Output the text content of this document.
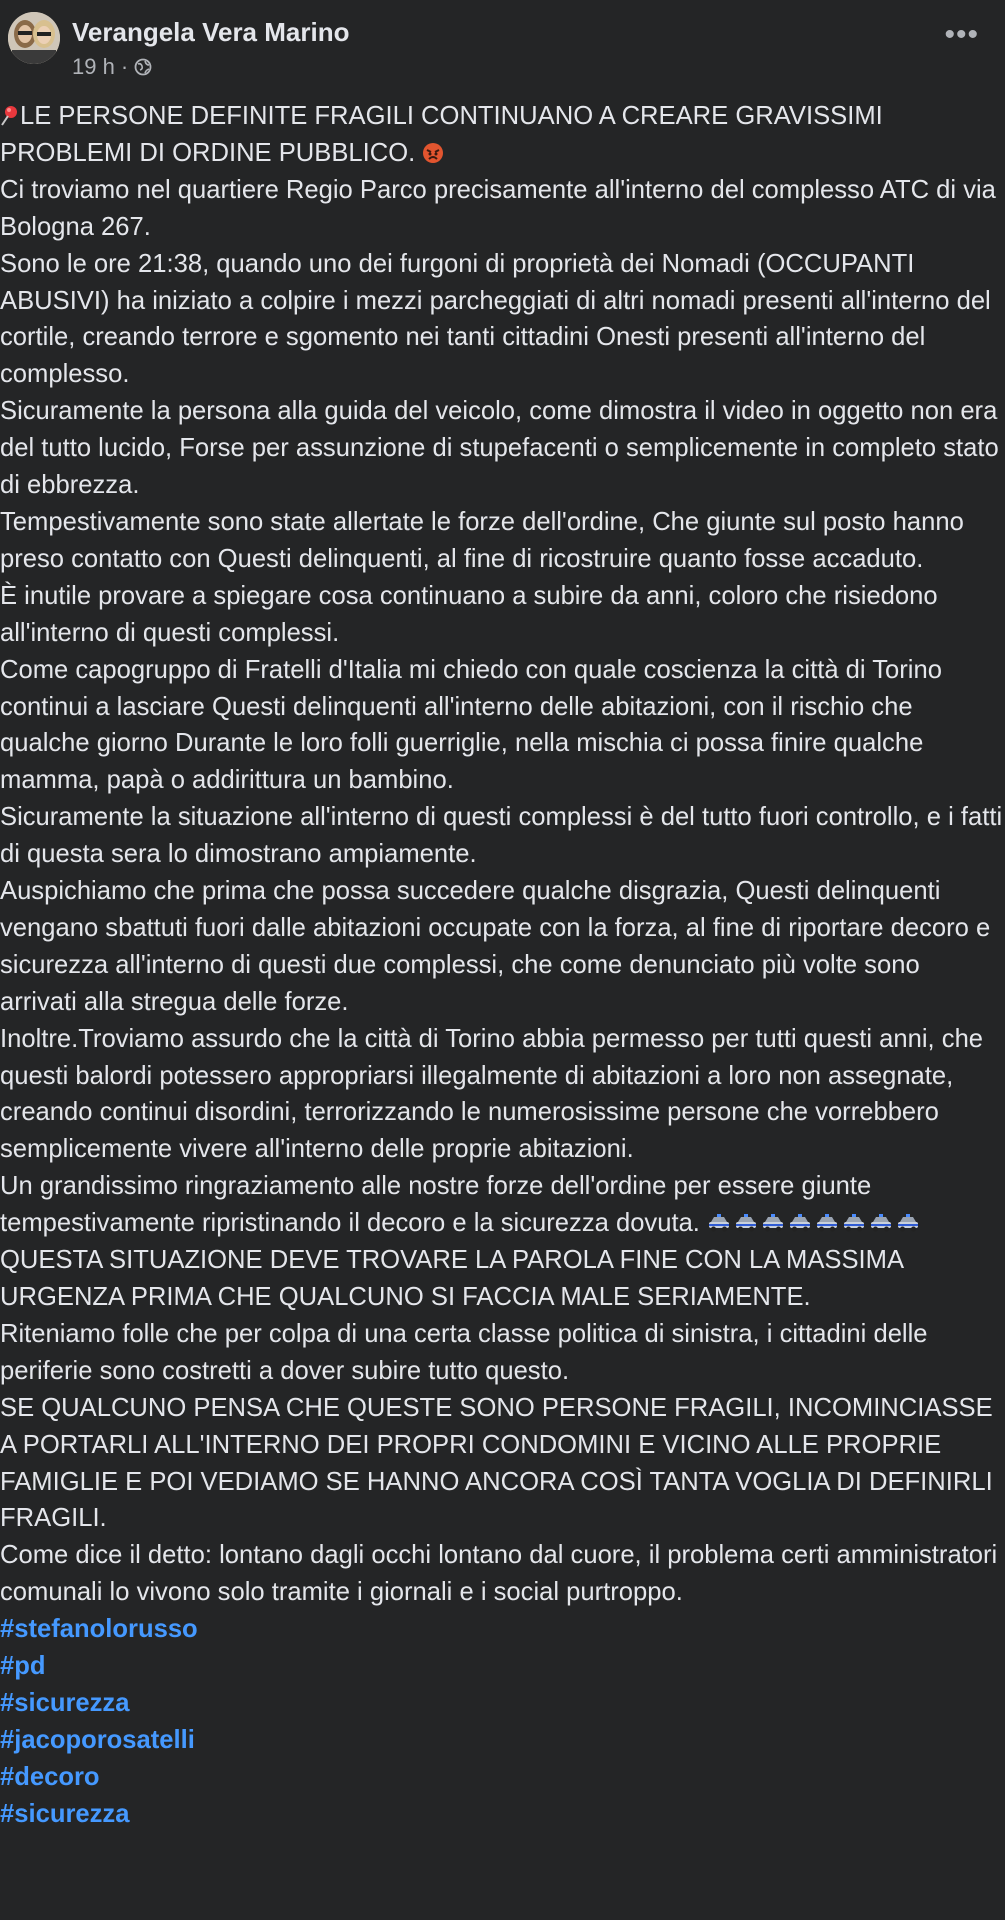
Verangela Vera Marino
19 h ·
•••

LE PERSONE DEFINITE FRAGILI CONTINUANO A CREARE GRAVISSIMI PROBLEMI DI ORDINE PUBBLICO.

Ci troviamo nel quartiere Regio Parco precisamente all'interno del complesso ATC di via Bologna 267.

Sono le ore 21:38, quando uno dei furgoni di proprietà dei Nomadi (OCCUPANTI ABUSIVI) ha iniziato a colpire i mezzi parcheggiati di altri nomadi presenti all'interno del cortile, creando terrore e sgomento nei tanti cittadini Onesti presenti all'interno del complesso.

Sicuramente la persona alla guida del veicolo, come dimostra il video in oggetto non era del tutto lucido, Forse per assunzione di stupefacenti o semplicemente in completo stato di ebbrezza.

Tempestivamente sono state allertate le forze dell'ordine, Che giunte sul posto hanno preso contatto con Questi delinquenti, al fine di ricostruire quanto fosse accaduto.

È inutile provare a spiegare cosa continuano a subire da anni, coloro che risiedono all'interno di questi complessi.

Come capogruppo di Fratelli d'Italia mi chiedo con quale coscienza la città di Torino continui a lasciare Questi delinquenti all'interno delle abitazioni, con il rischio che qualche giorno Durante le loro folli guerriglie, nella mischia ci possa finire qualche mamma, papà o addirittura un bambino.

Sicuramente la situazione all'interno di questi complessi è del tutto fuori controllo, e i fatti di questa sera lo dimostrano ampiamente.

Auspichiamo che prima che possa succedere qualche disgrazia, Questi delinquenti vengano sbattuti fuori dalle abitazioni occupate con la forza, al fine di riportare decoro e sicurezza all'interno di questi due complessi, che come denunciato più volte sono arrivati alla stregua delle forze.

Inoltre.Troviamo assurdo che la città di Torino abbia permesso per tutti questi anni, che questi balordi potessero appropriarsi illegalmente di abitazioni a loro non assegnate, creando continui disordini, terrorizzando le numerosissime persone che vorrebbero semplicemente vivere all'interno delle proprie abitazioni.

Un grandissimo ringraziamento alle nostre forze dell'ordine per essere giunte tempestivamente ripristinando il decoro e la sicurezza dovuta.

QUESTA SITUAZIONE DEVE TROVARE LA PAROLA FINE CON LA MASSIMA URGENZA PRIMA CHE QUALCUNO SI FACCIA MALE SERIAMENTE.

Riteniamo folle che per colpa di una certa classe politica di sinistra, i cittadini delle periferie sono costretti a dover subire tutto questo.

SE QUALCUNO PENSA CHE QUESTE SONO PERSONE FRAGILI, INCOMINCIASSE A PORTARLI ALL'INTERNO DEI PROPRI CONDOMINI E VICINO ALLE PROPRIE FAMIGLIE E POI VEDIAMO SE HANNO ANCORA COSÌ TANTA VOGLIA DI DEFINIRLI FRAGILI.

Come dice il detto: lontano dagli occhi lontano dal cuore, il problema certi amministratori comunali lo vivono solo tramite i giornali e i social purtroppo.

#stefanolorusso
#pd
#sicurezza
#jacoporosatelli
#decoro
#sicurezza
